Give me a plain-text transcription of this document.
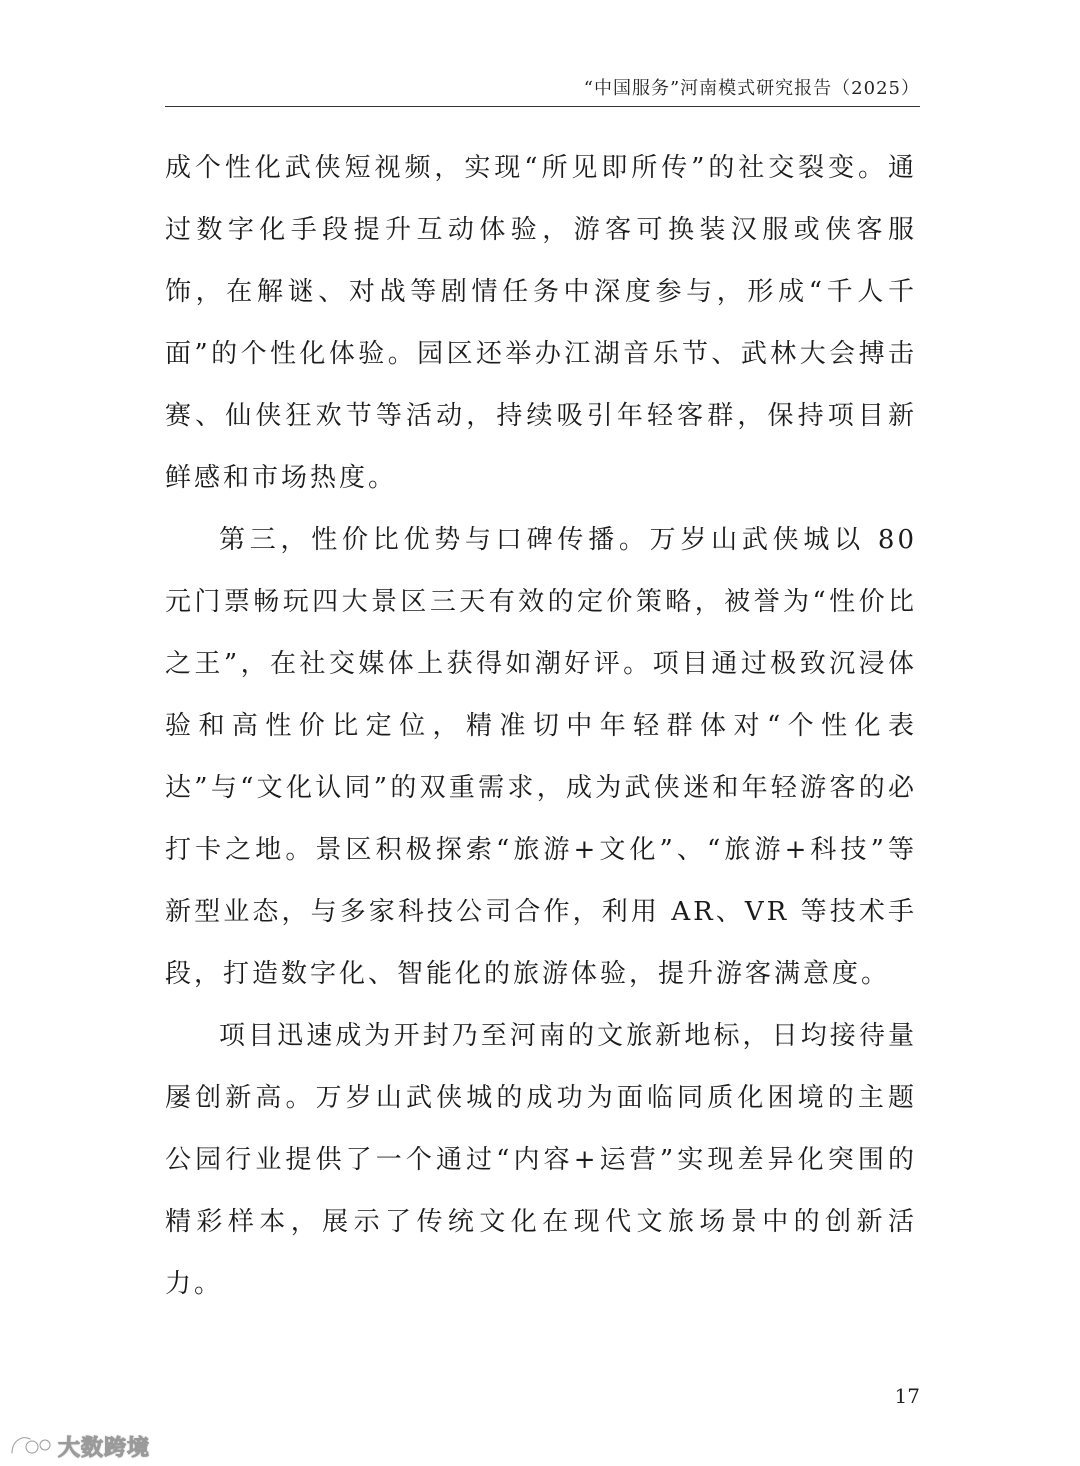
“中国服务”河南模式研究报告（2025）

成个性化武侠短视频，实现“所见即所传”的社交裂变。通过数字化手段提升互动体验，游客可换装汉服或侠客服饰，在解谜、对战等剧情任务中深度参与，形成“千人千面”的个性化体验。园区还举办江湖音乐节、武林大会搏击赛、仙侠狂欢节等活动，持续吸引年轻客群，保持项目新鲜感和市场热度。

第三，性价比优势与口碑传播。万岁山武侠城以 80 元门票畅玩四大景区三天有效的定价策略，被誉为“性价比之王”，在社交媒体上获得如潮好评。项目通过极致沉浸体验和高性价比定位，精准切中年轻群体对“个性化表达”与“文化认同”的双重需求，成为武侠迷和年轻游客的必打卡之地。景区积极探索“旅游+文化”、“旅游+科技”等新型业态，与多家科技公司合作，利用 AR、VR 等技术手段，打造数字化、智能化的旅游体验，提升游客满意度。

项目迅速成为开封乃至河南的文旅新地标，日均接待量屡创新高。万岁山武侠城的成功为面临同质化困境的主题公园行业提供了一个通过“内容+运营”实现差异化突围的精彩样本，展示了传统文化在现代文旅场景中的创新活力。

17
大数跨境
